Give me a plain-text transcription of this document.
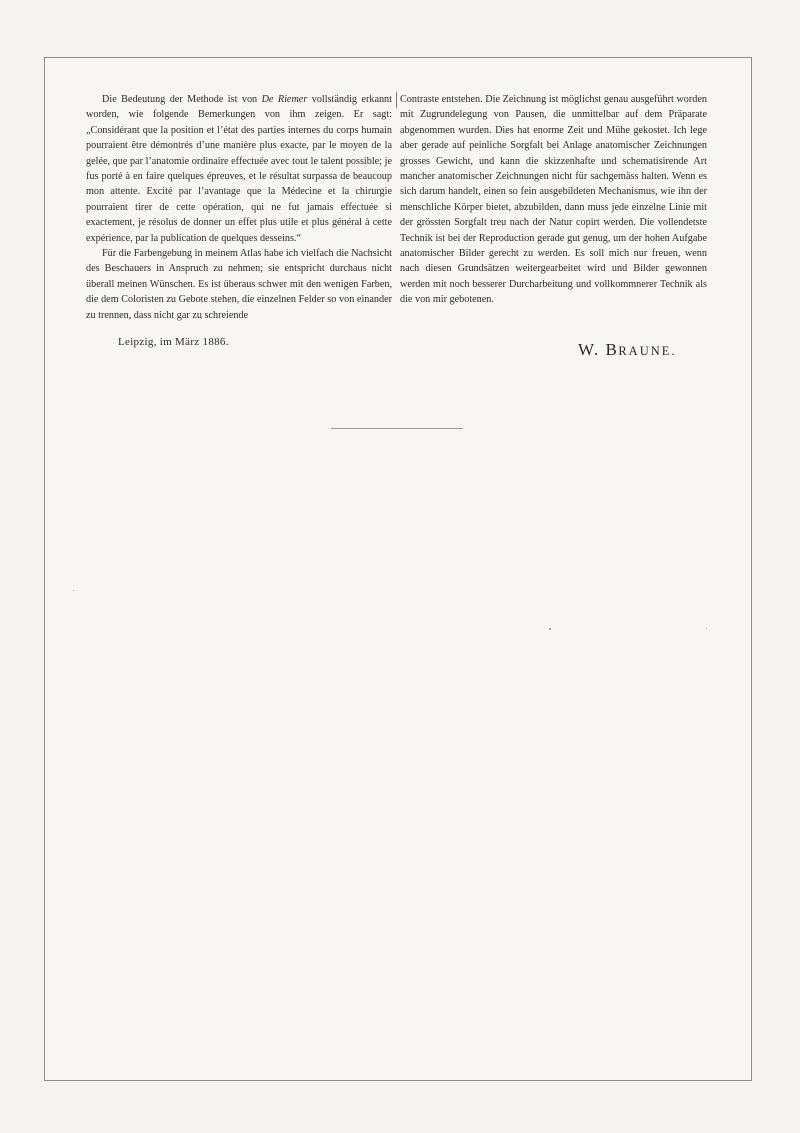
Die Bedeutung der Methode ist von De Riemer vollständig erkannt worden, wie folgende Bemerkungen von ihm zeigen. Er sagt: „Considérant que la position et l’état des parties internes du corps humain pourraient être démontrés d’une manière plus exacte, par le moyen de la gelée, que par l’anatomie ordinaire effectuée avec tout le talent possible; je fus porté à en faire quelques épreuves, et le résultat surpassa de beaucoup mon attente. Excité par l’avantage que la Médecine et la chirurgie pourraient tirer de cette opération, qui ne fut jamais effectuée si exactement, je résolus de donner un effet plus utile et plus général à cette expérience, par la publication de quelques desseins.“

Für die Farbengebung in meinem Atlas habe ich vielfach die Nachsicht des Beschauers in Anspruch zu nehmen; sie entspricht durchaus nicht überall meinen Wünschen. Es ist überaus schwer mit den wenigen Farben, die dem Coloristen zu Gebote stehen, die einzelnen Felder so von einander zu trennen, dass nicht gar zu schreiende

Contraste entstehen. Die Zeichnung ist möglichst genau ausgeführt worden mit Zugrundelegung von Pausen, die unmittelbar auf dem Präparate abgenommen wurden. Dies hat enorme Zeit und Mühe gekostet. Ich lege aber gerade auf peinliche Sorgfalt bei Anlage anatomischer Zeichnungen grosses Gewicht, und kann die skizzenhafte und schematisirende Art mancher anatomischer Zeichnungen nicht für sachgemäss halten. Wenn es sich darum handelt, einen so fein ausgebildeten Mechanismus, wie ihn der menschliche Körper bietet, abzubilden, dann muss jede einzelne Linie mit der grössten Sorgfalt treu nach der Natur copirt werden. Die vollendetste Technik ist bei der Reproduction gerade gut genug, um der hohen Aufgabe anatomischer Bilder gerecht zu werden. Es soll mich nur freuen, wenn nach diesen Grundsätzen weitergearbeitet wird und Bilder gewonnen werden mit noch besserer Durcharbeitung und vollkommnerer Technik als die von mir gebotenen.

Leipzig, im März 1886.	W. BRAUNE.
